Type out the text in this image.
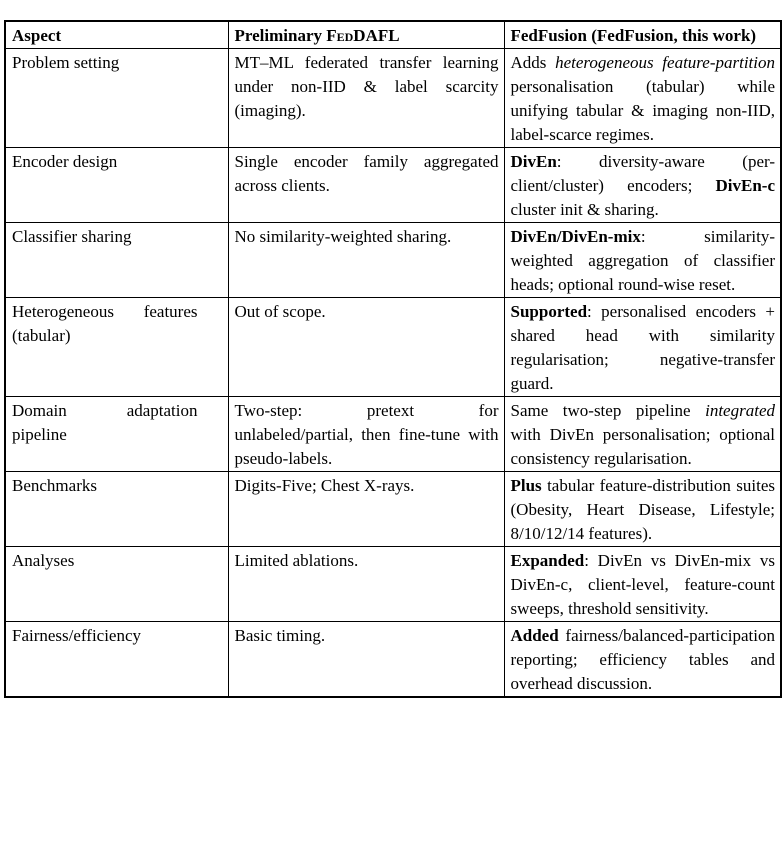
Aspect	Preliminary FedDAFL	FedFusion (FedFusion, this work)
Problem setting	MT–ML federated transfer learning under non-IID & label scarcity (imaging).	Adds heterogeneous feature-partition personalisation (tabular) while unifying tabular & imaging non-IID, label-scarce regimes.
Encoder design	Single encoder family aggregated across clients.	DivEn: diversity-aware (per-client/cluster) encoders; DivEn-c cluster init & sharing.
Classifier sharing	No similarity-weighted sharing.	DivEn/DivEn-mix: similarity-weighted aggregation of classifier heads; optional round-wise reset.
Heterogeneous features (tabular)	Out of scope.	Supported: personalised encoders + shared head with similarity regularisation; negative-transfer guard.
Domain adaptation pipeline	Two-step: pretext for unlabeled/partial, then fine-tune with pseudo-labels.	Same two-step pipeline integrated with DivEn personalisation; optional consistency regularisation.
Benchmarks	Digits-Five; Chest X-rays.	Plus tabular feature-distribution suites (Obesity, Heart Disease, Lifestyle; 8/10/12/14 features).
Analyses	Limited ablations.	Expanded: DivEn vs DivEn-mix vs DivEn-c, client-level, feature-count sweeps, threshold sensitivity.
Fairness/efficiency	Basic timing.	Added fairness/balanced-participation reporting; efficiency tables and overhead discussion.
